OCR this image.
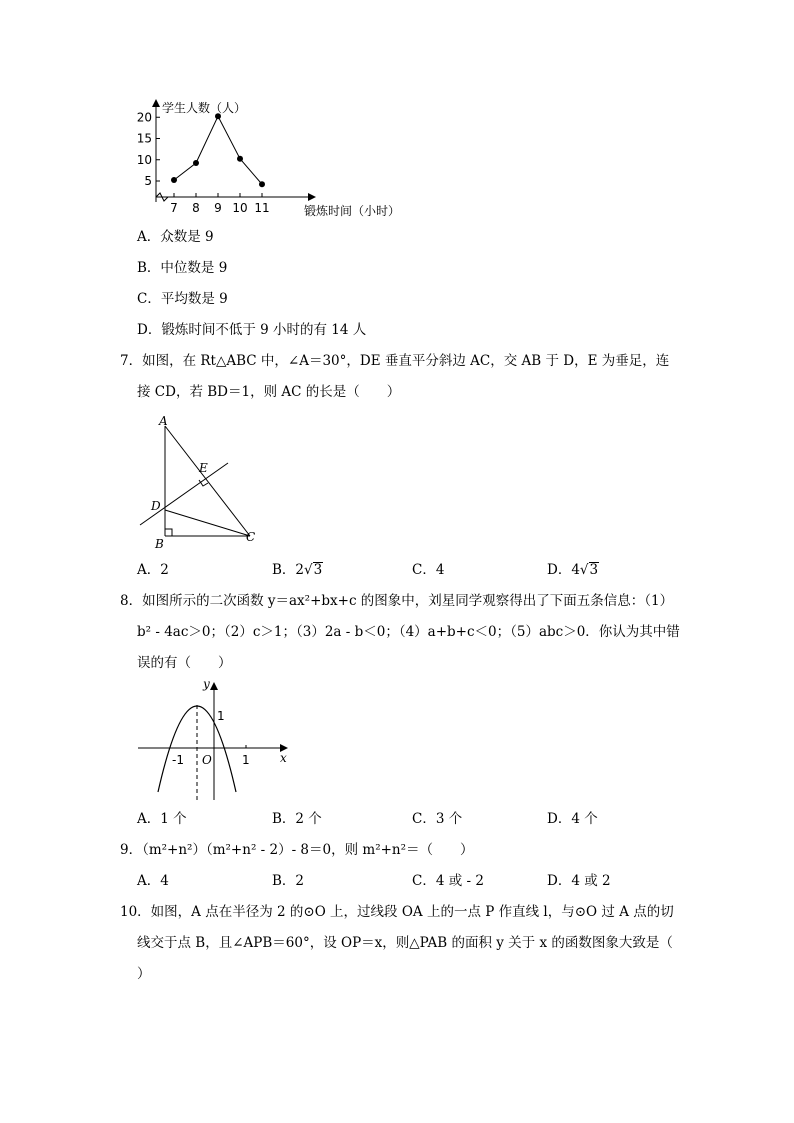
5
10
15
20
7 8 9 10 11
学生人数（人）
锻炼时间（小时）
A．众数是 9
B．中位数是 9
C．平均数是 9
D．锻炼时间不低于 9 小时的有 14 人
7．如图，在 Rt△ABC 中，∠A＝30°，DE 垂直平分斜边 AC，交 AB 于 D，E 为垂足，连
接 CD，若 BD＝1，则 AC 的长是（　　）
A
E
D
B	C
A．2	B．2√3	C．4	D．4√3
8．如图所示的二次函数 y＝ax²+bx+c 的图象中，刘星同学观察得出了下面五条信息：（1）
b² - 4ac＞0；（2）c＞1；（3）2a - b＜0；（4）a+b+c＜0；（5）abc＞0．你认为其中错
误的有（　　）
y
1
-1 O	1	x
A．1 个	B．2 个	C．3 个	D．4 个
9．（m²+n²）（m²+n² - 2）- 8＝0，则 m²+n²＝（　　）
A．4	B．2	C．4 或 - 2	D．4 或 2
10．如图，A 点在半径为 2 的⊙O 上，过线段 OA 上的一点 P 作直线 l，与⊙O 过 A 点的切
线交于点 B，且∠APB＝60°，设 OP＝x，则△PAB 的面积 y 关于 x 的函数图象大致是（
）
